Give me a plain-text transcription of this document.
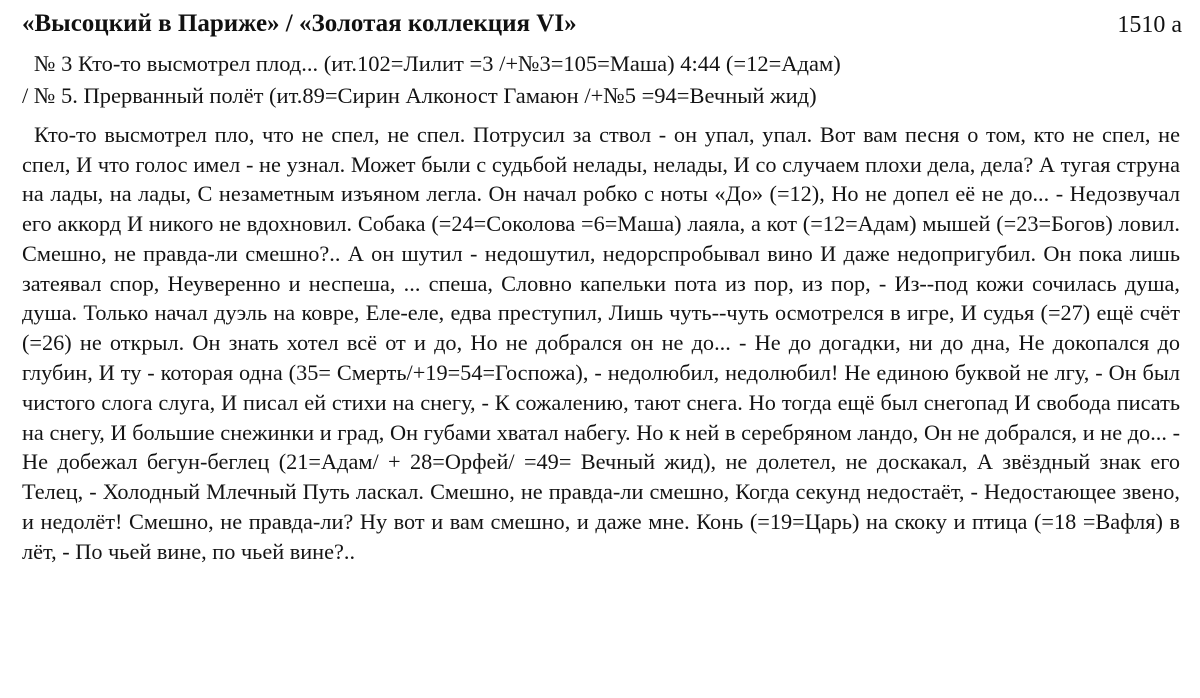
«Высоцкий в Париже» / «Золотая коллекция VI»	1510 a
№ 3 Кто-то высмотрел плод... (ит.102=Лилит =3 /+№3=105=Маша) 4:44 (=12=Адам)
/ № 5. Прерванный полёт (ит.89=Сирин Алконост Гамаюн /+№5 =94=Вечный жид)

Кто-то высмотрел пло, что не спел, не спел. Потрусил за ствол - он упал, упал. Вот вам песня о том, кто не спел, не спел, И что голос имел - не узнал. Может были с судьбой нелады, нелады, И со случаем плохи дела, дела? А тугая струна на лады, на лады, С незаметным изъяном легла. Он начал робко с ноты «До» (=12), Но не допел её не до... - Недозвучал его аккорд И никого не вдохновил. Собака (=24=Соколова =6=Маша) лаяла, а кот (=12=Адам) мышей (=23=Богов) ловил. Смешно, не правда-ли смешно?.. А он шутил - недошутил, недорспробывал вино И даже недопригубил. Он пока лишь затеявал спор, Неуверенно и неспеша, ... спеша, Словно капельки пота из пор, из пор, - Из--под кожи сочилась душа, душа. Только начал дуэль на ковре, Еле-еле, едва преступил, Лишь чуть--чуть осмотрелся в игре, И судья (=27) ещё счёт (=26) не открыл. Он знать хотел всё от и до, Но не добрался он не до... - Не до догадки, ни до дна, Не докопался до глубин, И ту - которая одна (35= Смерть/+19=54=Госпожа), - недолюбил, недолюбил! Не единою буквой не лгу, - Он был чистого слога слуга, И писал ей стихи на снегу, - К сожалению, тают снега. Но тогда ещё был снегопад И свобода писать на снегу, И большие снежинки и град, Он губами хватал набегу. Но к ней в серебряном ландо, Он не добрался, и не до... - Не добежал бегун-беглец (21=Адам/ + 28=Орфей/ =49= Вечный жид), не долетел, не доскакал, А звёздный знак его Телец, - Холодный Млечный Путь ласкал. Смешно, не правда-ли смешно, Когда секунд недостаёт, - Недостающее звено, и недолёт! Смешно, не правда-ли? Ну вот и вам смешно, и даже мне. Конь (=19=Царь) на скоку и птица (=18 =Вафля) в лёт, - По чьей вине, по чьей вине?..
